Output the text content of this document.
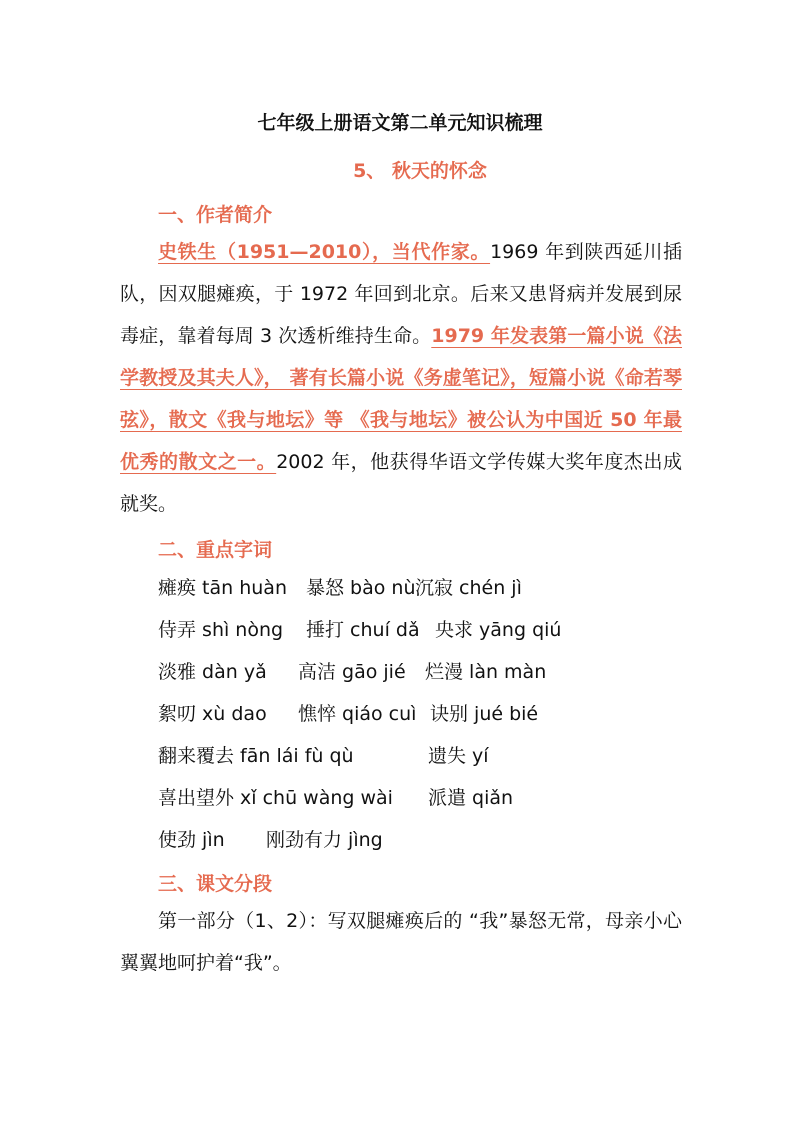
七年级上册语文第二单元知识梳理
5、 秋天的怀念
一、作者简介
史铁生（1951—2010），当代作家。1969 年到陕西延川插队，因双腿瘫痪，于 1972 年回到北京。后来又患肾病并发展到尿毒症，靠着每周 3 次透析维持生命。1979 年发表第一篇小说《法学教授及其夫人》， 著有长篇小说《务虚笔记》，短篇小说《命若琴弦》，散文《我与地坛》等 《我与地坛》被公认为中国近 50 年最优秀的散文之一。2002 年，他获得华语文学传媒大奖年度杰出成就奖。
二、重点字词
瘫痪 tān huàn 暴怒 bào nù 沉寂 chén jì
侍弄 shì nòng 捶打 chuí dǎ 央求 yāng qiú
淡雅 dàn yǎ 高洁 gāo jié 烂漫 làn màn
絮叨 xù dao 憔悴 qiáo cuì 诀别 jué bié
翻来覆去 fān lái fù qù	遗失 yí
喜出望外 xǐ chū wàng wài 派遣 qiǎn
使劲 jìn 刚劲有力 jìng
三、课文分段
第一部分（1、2）：写双腿瘫痪后的 “我”暴怒无常，母亲小心翼翼地呵护着“我”。
